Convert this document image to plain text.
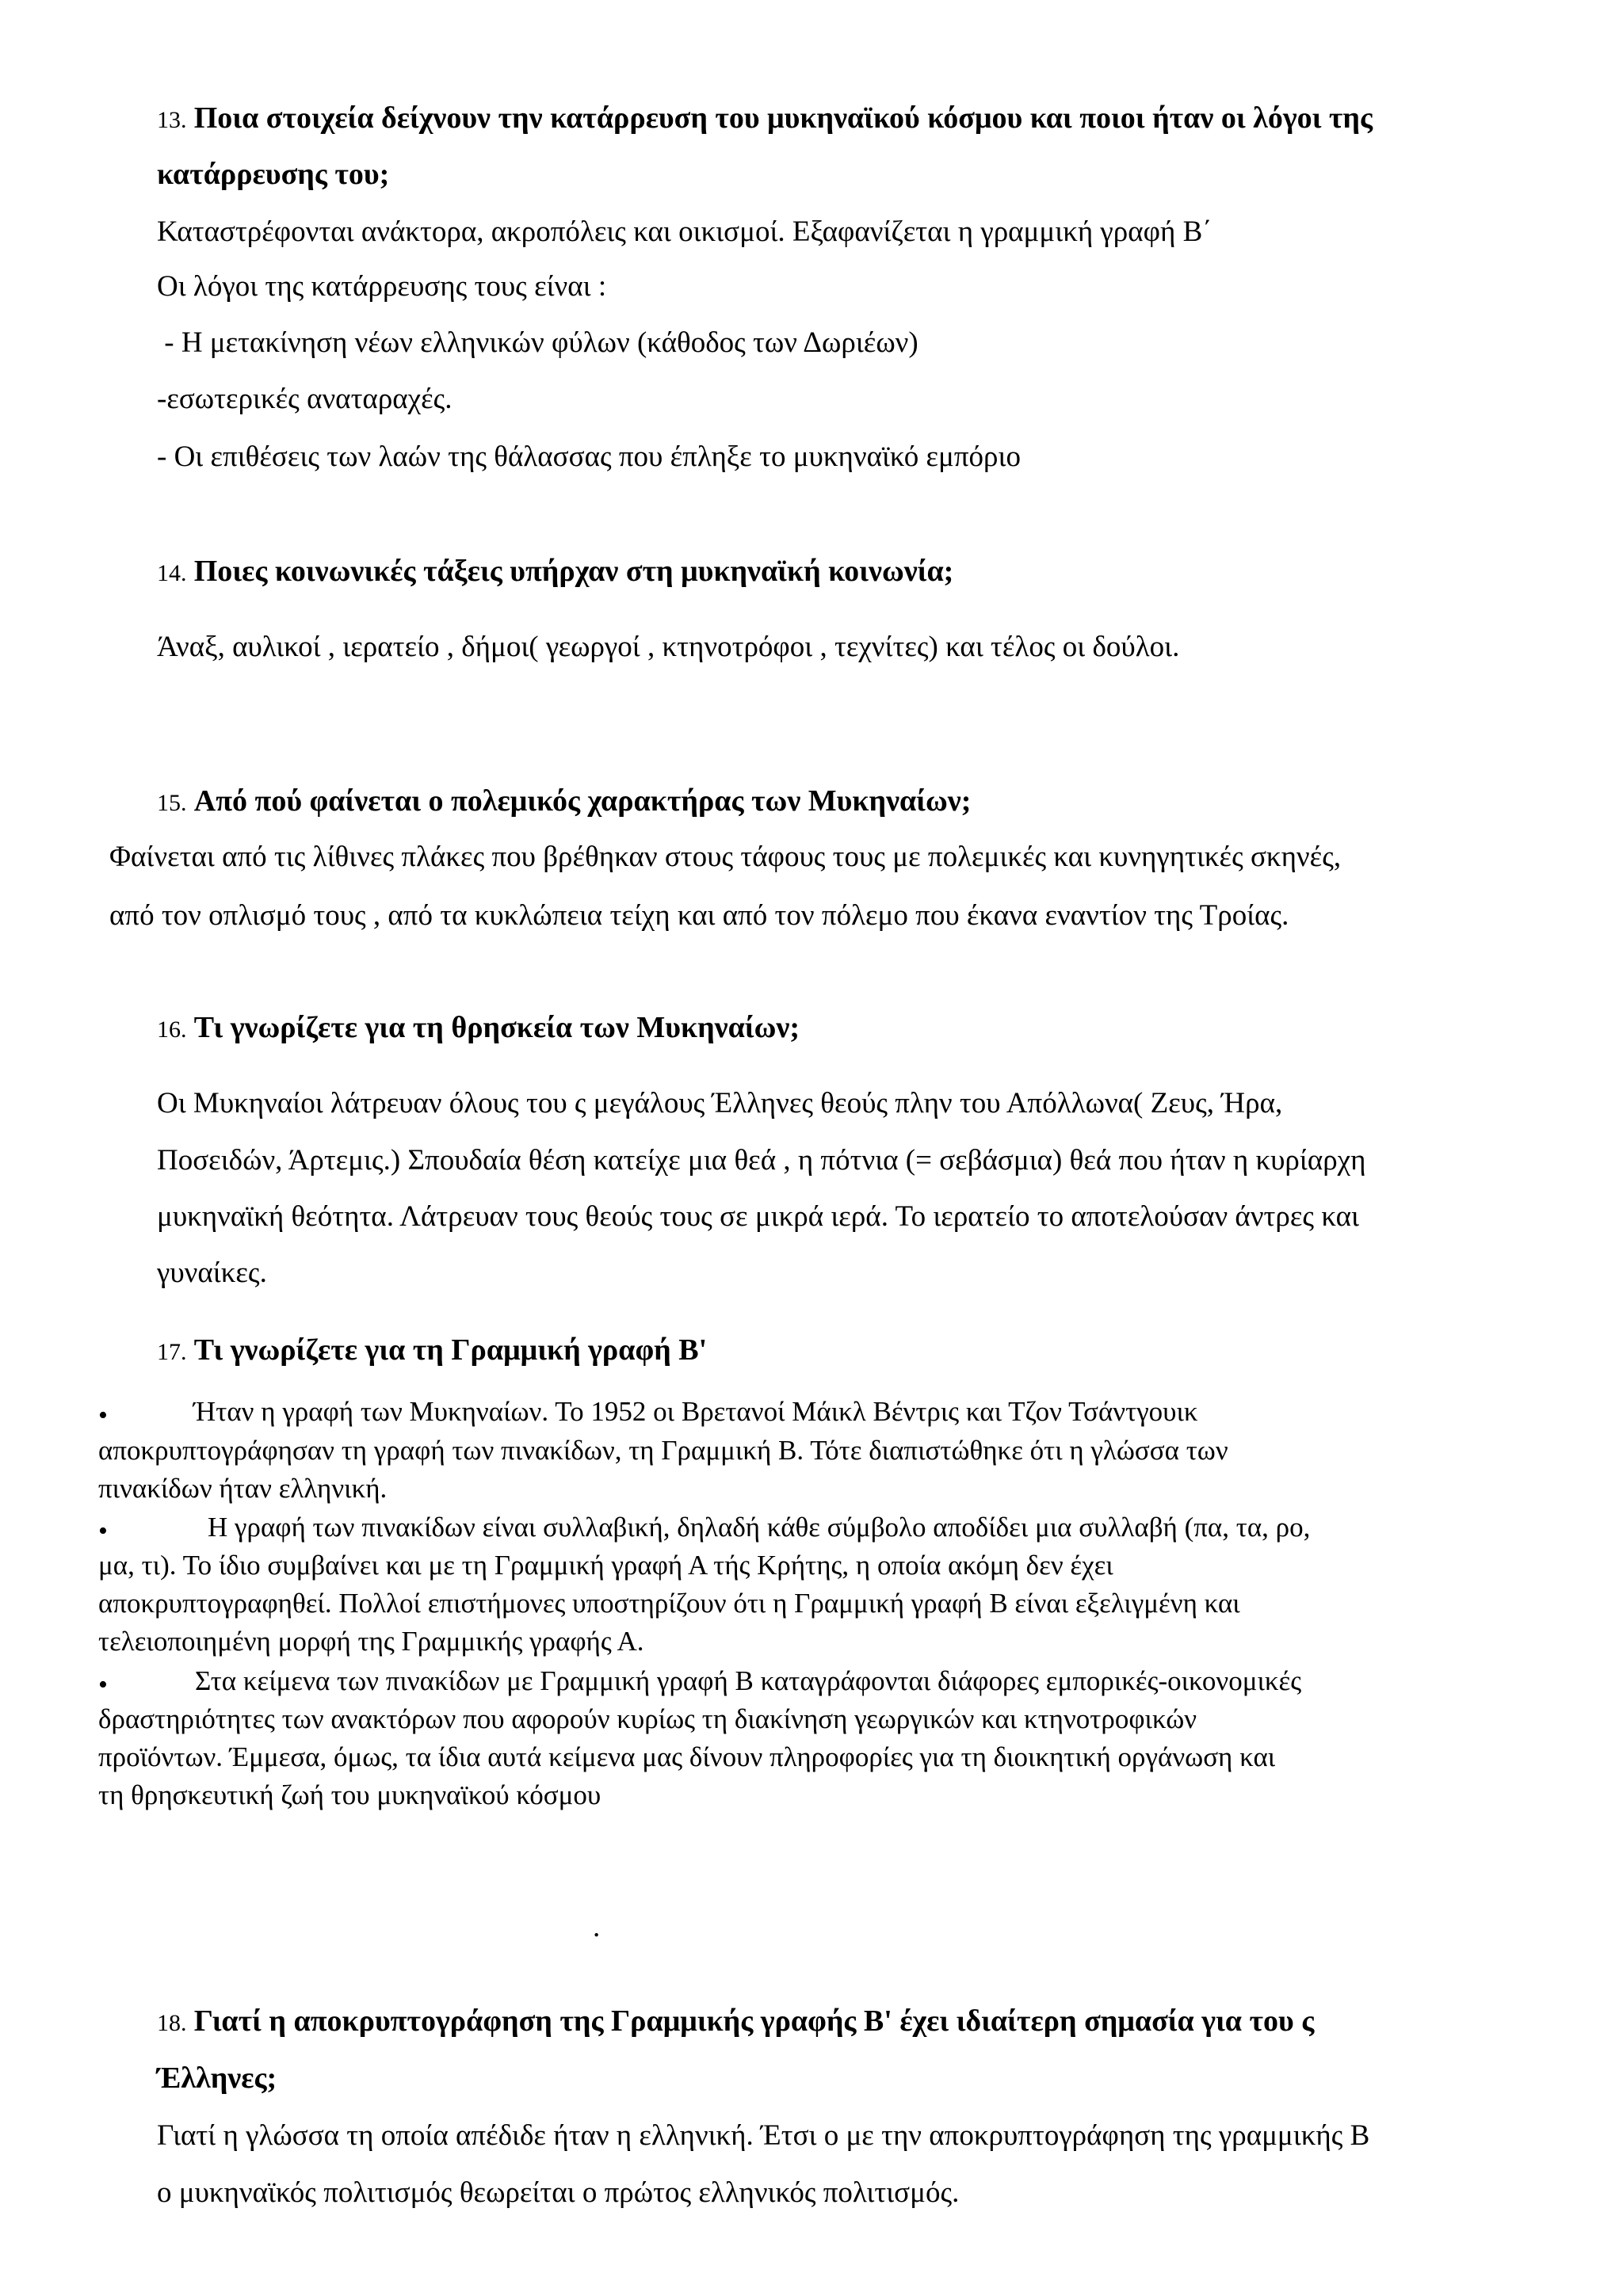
13. Ποια στοιχεία δείχνουν την κατάρρευση του μυκηναϊκού κόσμου και ποιοι ήταν οι λόγοι της
κατάρρευσης του;
Καταστρέφονται ανάκτορα, ακροπόλεις και οικισμοί. Εξαφανίζεται η γραμμική γραφή Β΄
Οι λόγοι της κατάρρευσης τους είναι :
- Η μετακίνηση νέων ελληνικών φύλων (κάθοδος των Δωριέων)
-εσωτερικές αναταραχές.
- Οι επιθέσεις των λαών της θάλασσας που έπληξε το μυκηναϊκό εμπόριο
14. Ποιες κοινωνικές τάξεις υπήρχαν στη μυκηναϊκή κοινωνία;
Άναξ, αυλικοί , ιερατείο , δήμοι( γεωργοί , κτηνοτρόφοι , τεχνίτες) και τέλος οι δούλοι.
15. Από πού φαίνεται ο πολεμικός χαρακτήρας των Μυκηναίων;
Φαίνεται από τις λίθινες πλάκες που βρέθηκαν στους τάφους τους με πολεμικές και κυνηγητικές σκηνές,
από τον οπλισμό τους , από τα κυκλώπεια τείχη και από τον πόλεμο που έκανα εναντίον της Τροίας.
16. Τι γνωρίζετε για τη θρησκεία των Μυκηναίων;
Οι Μυκηναίοι λάτρευαν όλους του ς μεγάλους Έλληνες θεούς πλην του Απόλλωνα( Ζευς, Ήρα,
Ποσειδών, Άρτεμις.) Σπουδαία θέση κατείχε μια θεά , η πότνια (= σεβάσμια) θεά που ήταν η κυρίαρχη
μυκηναϊκή θεότητα. Λάτρευαν τους θεούς τους σε μικρά ιερά. Το ιερατείο το αποτελούσαν άντρες και
γυναίκες.
17. Τι γνωρίζετε για τη Γραμμική γραφή Β'
•	Ήταν η γραφή των Μυκηναίων. Το 1952 οι Βρετανοί Μάικλ Βέντρις και Τζον Τσάντγουικ
αποκρυπτογράφησαν τη γραφή των πινακίδων, τη Γραμμική Β. Τότε διαπιστώθηκε ότι η γλώσσα των
πινακίδων ήταν ελληνική.
•	Η γραφή των πινακίδων είναι συλλαβική, δηλαδή κάθε σύμβολο αποδίδει μια συλλαβή (πα, τα, ρο,
μα, τι). Το ίδιο συμβαίνει και με τη Γραμμική γραφή Α τής Κρήτης, η οποία ακόμη δεν έχει
αποκρυπτογραφηθεί. Πολλοί επιστήμονες υποστηρίζουν ότι η Γραμμική γραφή Β είναι εξελιγμένη και
τελειοποιημένη μορφή της Γραμμικής γραφής Α.
•	Στα κείμενα των πινακίδων με Γραμμική γραφή Β καταγράφονται διάφορες εμπορικές-οικονομικές
δραστηριότητες των ανακτόρων που αφορούν κυρίως τη διακίνηση γεωργικών και κτηνοτροφικών
προϊόντων. Έμμεσα, όμως, τα ίδια αυτά κείμενα μας δίνουν πληροφορίες για τη διοικητική οργάνωση και
τη θρησκευτική ζωή του μυκηναϊκού κόσμου
.
18. Γιατί η αποκρυπτογράφηση της Γραμμικής γραφής Β' έχει ιδιαίτερη σημασία για του ς
Έλληνες;
Γιατί η γλώσσα τη οποία απέδιδε ήταν η ελληνική. Έτσι ο με την αποκρυπτογράφηση της γραμμικής Β
ο μυκηναϊκός πολιτισμός θεωρείται ο πρώτος ελληνικός πολιτισμός.
